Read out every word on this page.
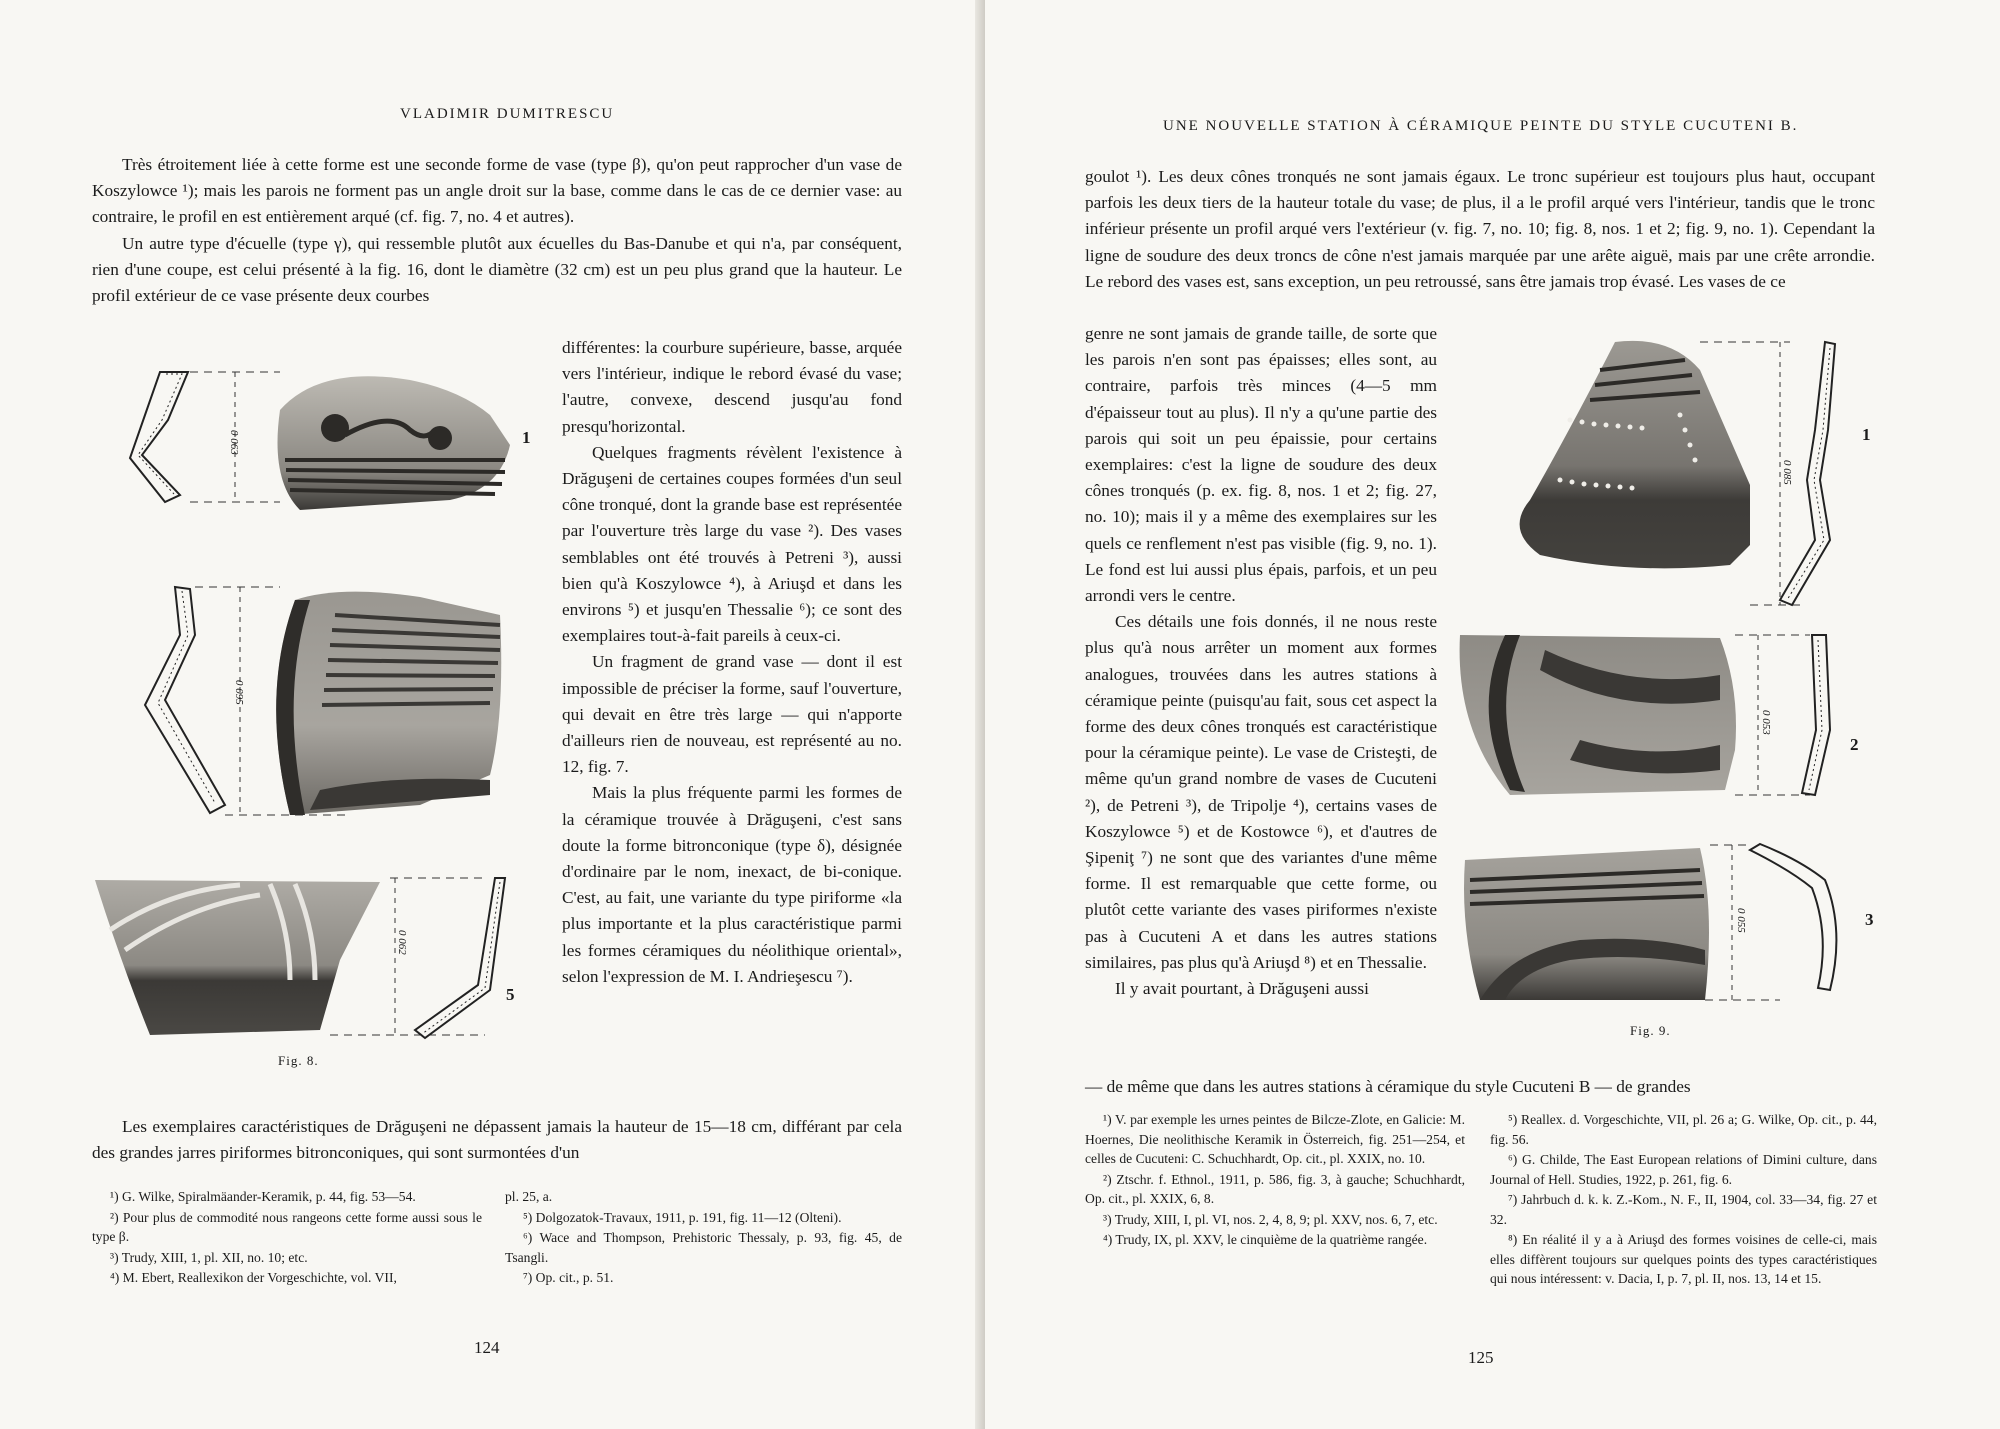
VLADIMIR DUMITRESCU

Très étroitement liée à cette forme est une seconde forme de vase (type β), qu'on peut rapprocher d'un vase de Koszylowce ¹); mais les parois ne forment pas un angle droit sur la base, comme dans le cas de ce dernier vase: au contraire, le profil en est entièrement arqué (cf. fig. 7, no. 4 et autres).

Un autre type d'écuelle (type γ), qui ressemble plutôt aux écuelles du Bas-Danube et qui n'a, par conséquent, rien d'une coupe, est celui présenté à la fig. 16, dont le diamètre (32 cm) est un peu plus grand que la hauteur. Le profil extérieur de ce vase présente deux courbes

différentes: la courbure supérieure, basse, arquée vers l'intérieur, indique le rebord évasé du vase; l'autre, convexe, descend jusqu'au fond presqu'horizontal.

Quelques fragments révèlent l'existence à Drăguşeni de certaines coupes formées d'un seul cône tronqué, dont la grande base est représentée par l'ouverture très large du vase ²). Des vases semblables ont été trouvés à Petreni ³), aussi bien qu'à Koszylowce ⁴), à Ariuşd et dans les environs ⁵) et jusqu'en Thessalie ⁶); ce sont des exemplaires tout-à-fait pareils à ceux-ci.

Un fragment de grand vase — dont il est impossible de préciser la forme, sauf l'ouverture, qui devait en être très large — qui n'apporte d'ailleurs rien de nouveau, est représenté au no. 12, fig. 7.

Mais la plus fréquente parmi les formes de la céramique trouvée à Drăguşeni, c'est sans doute la forme bitronconique (type δ), désignée d'ordinaire par le nom, inexact, de bi-conique. C'est, au fait, une variante du type piriforme «la plus importante et la plus caractéristique parmi les formes céramiques du néolithique oriental», selon l'expression de M. I. Andrieşescu ⁷).

Les exemplaires caractéristiques de Drăguşeni ne dépassent jamais la hauteur de 15—18 cm, différant par cela des grandes jarres piriformes bitronconiques, qui sont surmontées d'un

0 063	1
0 095
0 062
5
Fig. 8.
¹) G. Wilke, Spiralmäander-Keramik, p. 44, fig. 53—54.
²) Pour plus de commodité nous rangeons cette forme aussi sous le type β.
³) Trudy, XIII, 1, pl. XII, no. 10; etc.
⁴) M. Ebert, Reallexikon der Vorgeschichte, vol. VII,
pl. 25, a.
⁵) Dolgozatok-Travaux, 1911, p. 191, fig. 11—12 (Olteni).
⁶) Wace and Thompson, Prehistoric Thessaly, p. 93, fig. 45, de Tsangli.
⁷) Op. cit., p. 51.
124
UNE NOUVELLE STATION À CÉRAMIQUE PEINTE DU STYLE CUCUTENI B.

goulot ¹). Les deux cônes tronqués ne sont jamais égaux. Le tronc supérieur est toujours plus haut, occupant parfois les deux tiers de la hauteur totale du vase; de plus, il a le profil arqué vers l'intérieur, tandis que le tronc inférieur présente un profil arqué vers l'extérieur (v. fig. 7, no. 10; fig. 8, nos. 1 et 2; fig. 9, no. 1). Cependant la ligne de soudure des deux troncs de cône n'est jamais marquée par une arête aiguë, mais par une crête arrondie. Le rebord des vases est, sans exception, un peu retroussé, sans être jamais trop évasé. Les vases de ce

genre ne sont jamais de grande taille, de sorte que les parois n'en sont pas épaisses; elles sont, au contraire, parfois très minces (4—5 mm d'épaisseur tout au plus). Il n'y a qu'une partie des parois qui soit un peu épaissie, pour certains exemplaires: c'est la ligne de soudure des deux cônes tronqués (p. ex. fig. 8, nos. 1 et 2; fig. 27, no. 10); mais il y a même des exemplaires sur les quels ce renflement n'est pas visible (fig. 9, no. 1). Le fond est lui aussi plus épais, parfois, et un peu arrondi vers le centre.

Ces détails une fois donnés, il ne nous reste plus qu'à nous arrêter un moment aux formes analogues, trouvées dans les autres stations à céramique peinte (puisqu'au fait, sous cet aspect la forme des deux cônes tronqués est caractéristique pour la céramique peinte). Le vase de Cristeşti, de même qu'un grand nombre de vases de Cucuteni ²), de Petreni ³), de Tripolje ⁴), certains vases de Koszylowce ⁵) et de Kostowce ⁶), et d'autres de Şipeniţ ⁷) ne sont que des variantes d'une même forme. Il est remarquable que cette forme, ou plutôt cette variante des vases piriformes n'existe pas à Cucuteni A et dans les autres stations similaires, pas plus qu'à Ariuşd ⁸) et en Thessalie.

Il y avait pourtant, à Drăguşeni aussi

— de même que dans les autres stations à céramique du style Cucuteni B — de grandes

0 085
1
0 053
2
0 055	3
Fig. 9.
¹) V. par exemple les urnes peintes de Bilcze-Zlote, en Galicie: M. Hoernes, Die neolithische Keramik in Österreich, fig. 251—254, et celles de Cucuteni: C. Schuchhardt, Op. cit., pl. XXIX, no. 10.
²) Ztschr. f. Ethnol., 1911, p. 586, fig. 3, à gauche; Schuchhardt, Op. cit., pl. XXIX, 6, 8.
³) Trudy, XIII, I, pl. VI, nos. 2, 4, 8, 9; pl. XXV, nos. 6, 7, etc.
⁴) Trudy, IX, pl. XXV, le cinquième de la quatrième rangée.
⁵) Reallex. d. Vorgeschichte, VII, pl. 26 a; G. Wilke, Op. cit., p. 44, fig. 56.
⁶) G. Childe, The East European relations of Dimini culture, dans Journal of Hell. Studies, 1922, p. 261, fig. 6.
⁷) Jahrbuch d. k. k. Z.-Kom., N. F., II, 1904, col. 33—34, fig. 27 et 32.
⁸) En réalité il y a à Ariuşd des formes voisines de celle-ci, mais elles diffèrent toujours sur quelques points des types caractéristiques qui nous intéressent: v. Dacia, I, p. 7, pl. II, nos. 13, 14 et 15.
125
